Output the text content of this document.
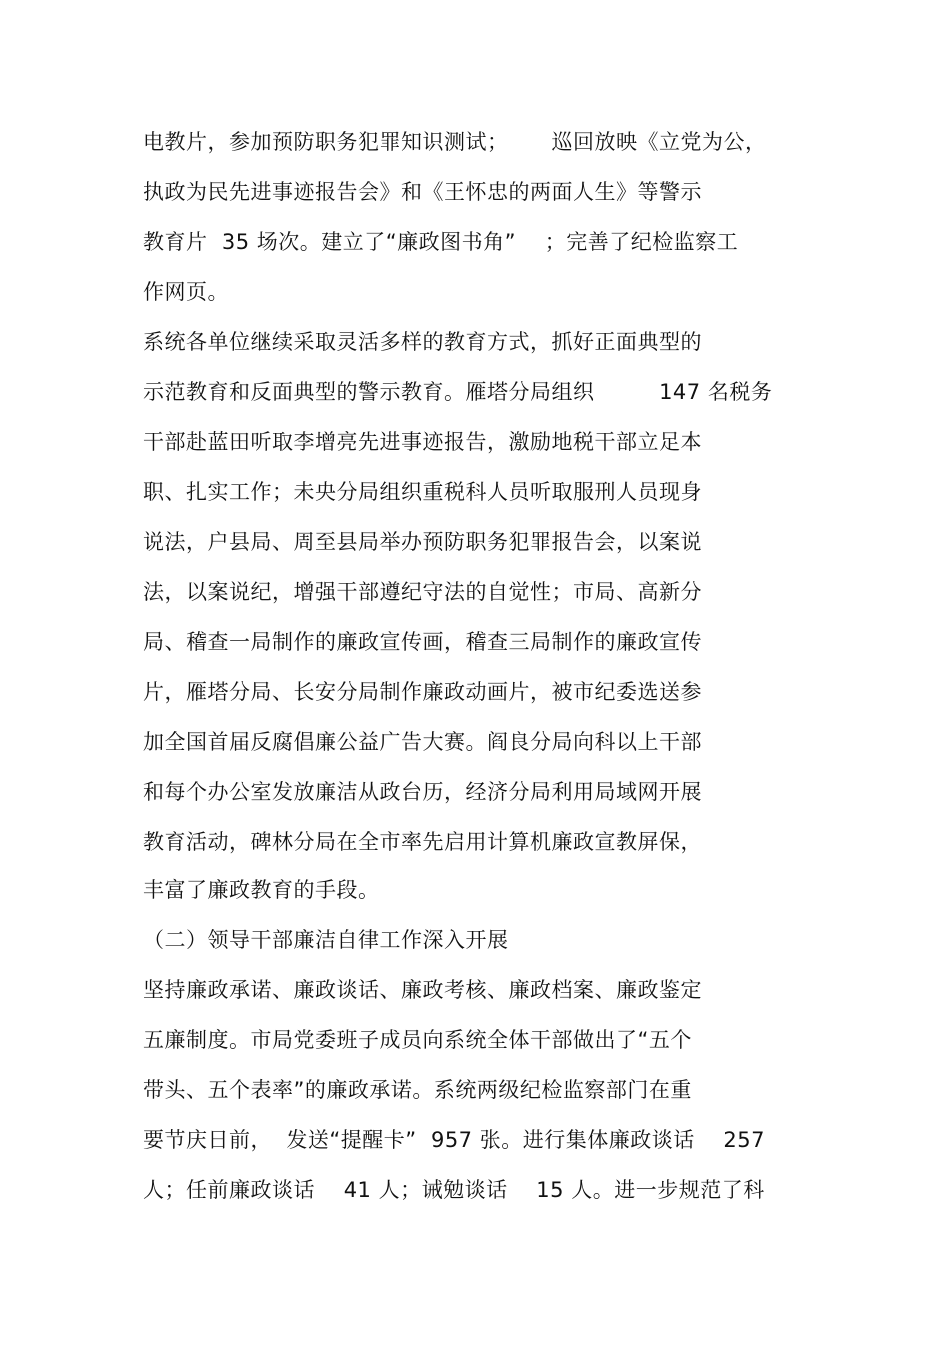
电教片，参加预防职务犯罪知识测试；      巡回放映《立党为公，
执政为民先进事迹报告会》和《王怀忠的两面人生》等警示
教育片  35 场次。建立了“廉政图书角”    ；完善了纪检监察工
作网页。
系统各单位继续采取灵活多样的教育方式，抓好正面典型的
示范教育和反面典型的警示教育。雁塔分局组织         147 名税务
干部赴蓝田听取李增亮先进事迹报告，激励地税干部立足本
职、扎实工作；未央分局组织重税科人员听取服刑人员现身
说法，户县局、周至县局举办预防职务犯罪报告会，以案说
法，以案说纪，增强干部遵纪守法的自觉性；市局、高新分
局、稽查一局制作的廉政宣传画，稽查三局制作的廉政宣传
片，雁塔分局、长安分局制作廉政动画片，被市纪委选送参
加全国首届反腐倡廉公益广告大赛。阎良分局向科以上干部
和每个办公室发放廉洁从政台历，经济分局利用局域网开展
教育活动，碑林分局在全市率先启用计算机廉政宣教屏保，
丰富了廉政教育的手段。
（二）领导干部廉洁自律工作深入开展
坚持廉政承诺、廉政谈话、廉政考核、廉政档案、廉政鉴定
五廉制度。市局党委班子成员向系统全体干部做出了“五个
带头、五个表率”的廉政承诺。系统两级纪检监察部门在重
要节庆日前，  发送“提醒卡”  957 张。进行集体廉政谈话    257
人；任前廉政谈话    41 人；诫勉谈话    15 人。进一步规范了科
